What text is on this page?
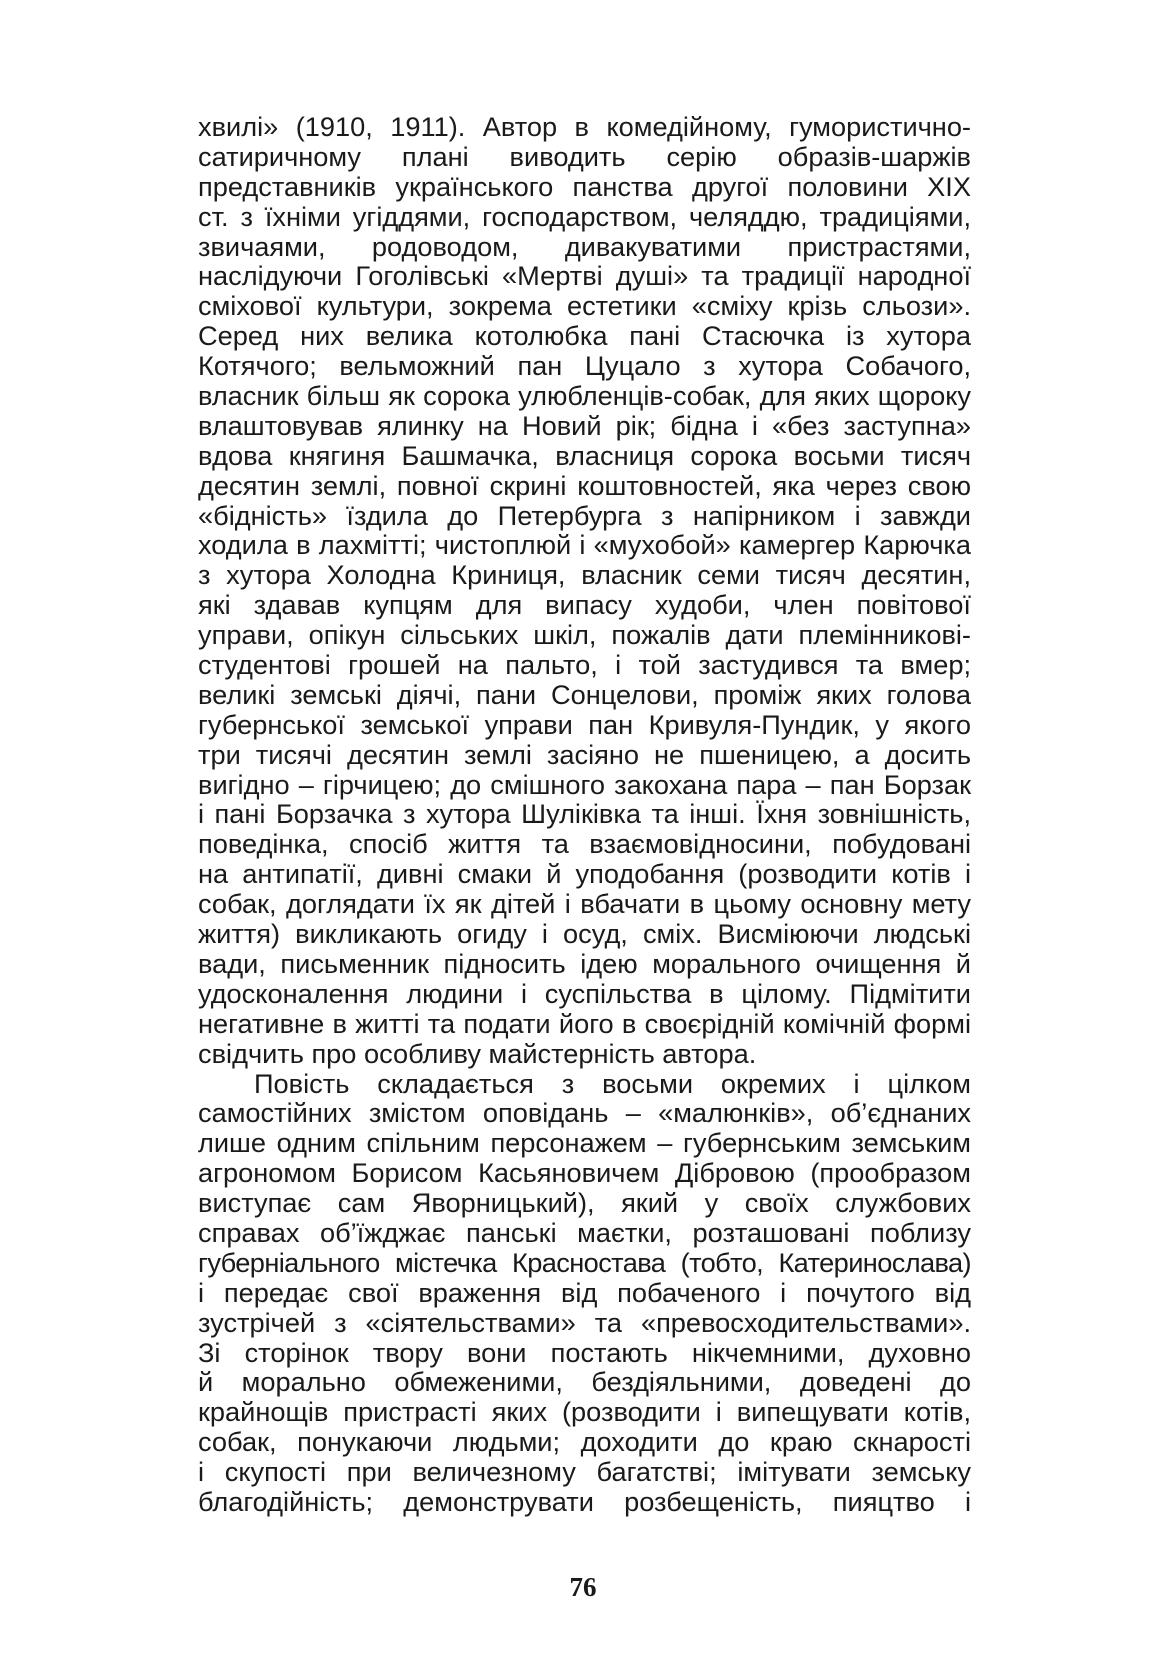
хвилі» (1910, 1911). Автор в комедійному, гумористично-
сатиричному плані виводить серію образів-шаржів
представників українського панства другої половини ХІХ
ст. з їхніми угіддями, господарством, челяддю, традиціями,
звичаями, родоводом, дивакуватими пристрастями,
наслідуючи Гоголівські «Мертві душі» та традиції народної
сміхової культури, зокрема естетики «сміху крізь сльози».
Серед них велика котолюбка пані Стасючка із хутора
Котячого; вельможний пан Цуцало з хутора Собачого,
власник більш як сорока улюбленців-собак, для яких щороку
влаштовував ялинку на Новий рік; бідна і «без заступна»
вдова княгиня Башмачка, власниця сорока восьми тисяч
десятин землі, повної скрині коштовностей, яка через свою
«бідність» їздила до Петербурга з напірником і завжди
ходила в лахмітті; чистоплюй і «мухобой» камергер Карючка
з хутора Холодна Криниця, власник семи тисяч десятин,
які здавав купцям для випасу худоби, член повітової
управи, опікун сільських шкіл, пожалів дати племінникові-
студентові грошей на пальто, і той застудився та вмер;
великі земські діячі, пани Сонцелови, проміж яких голова
губернської земської управи пан Кривуля-Пундик, у якого
три тисячі десятин землі засіяно не пшеницею, а досить
вигідно – гірчицею; до смішного закохана пара – пан Борзак
і пані Борзачка з хутора Шуліківка та інші. Їхня зовнішність,
поведінка, спосіб життя та взаємовідносини, побудовані
на антипатії, дивні смаки й уподобання (розводити котів і
собак, доглядати їх як дітей і вбачати в цьому основну мету
життя) викликають огиду і осуд, сміх. Висміюючи людські
вади, письменник підносить ідею морального очищення й
удосконалення людини і суспільства в цілому. Підмітити
негативне в житті та подати його в своєрідній комічній формі
свідчить про особливу майстерність автора.
Повість складається з восьми окремих і цілком
самостійних змістом оповідань – «малюнків», об’єднаних
лише одним спільним персонажем – губернським земським
агрономом Борисом Касьяновичем Дібровою (прообразом
виступає сам Яворницький), який у своїх службових
справах об’їжджає панські маєтки, розташовані поблизу
губерніального містечка Красностава (тобто, Катеринослава)
і передає свої враження від побаченого і почутого від
зустрічей з «сіятельствами» та «превосходительствами».
Зі сторінок твору вони постають нікчемними, духовно
й морально обмеженими, бездіяльними, доведені до
крайнощів пристрасті яких (розводити і випещувати котів,
собак, понукаючи людьми; доходити до краю скнарості
і скупості при величезному багатстві; імітувати земську
благодійність; демонструвати розбещеність, пияцтво і
76
